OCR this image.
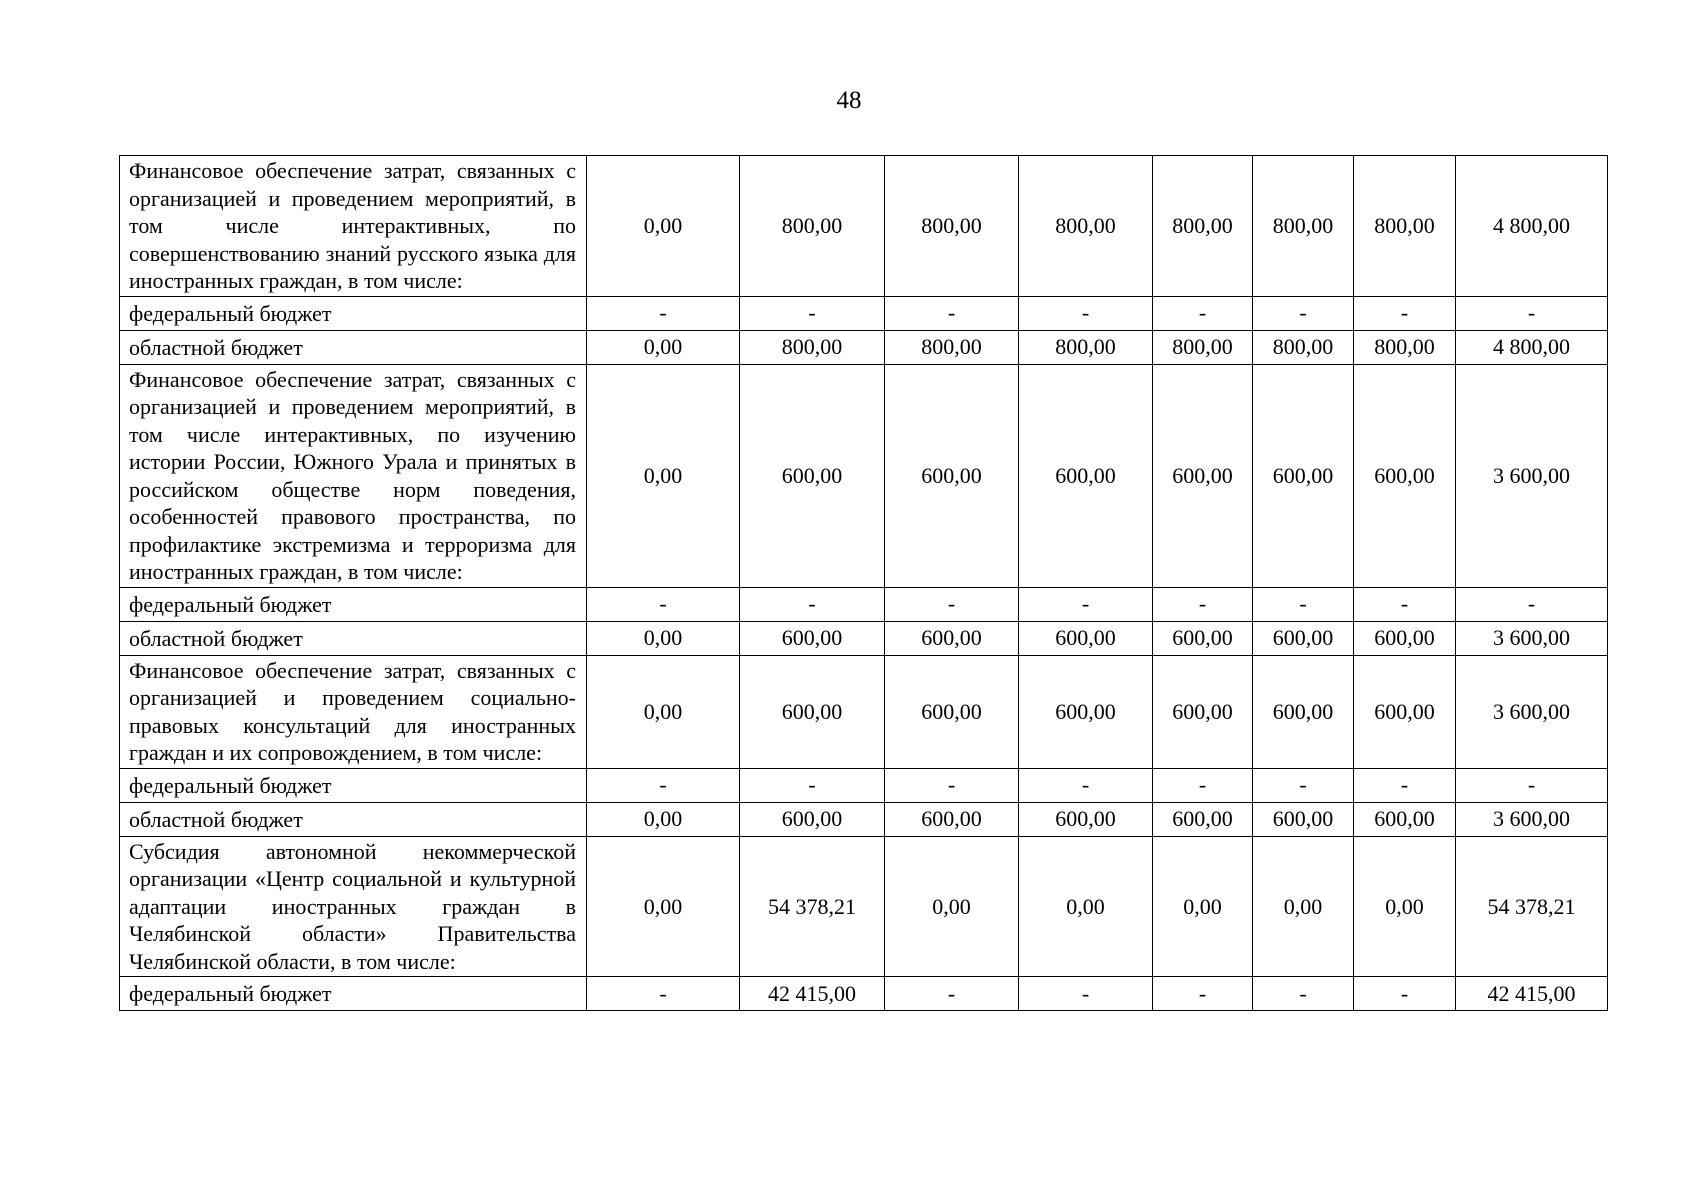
48
Финансовое обеспечение затрат, связанных с организацией и проведением мероприятий, в том числе интерактивных, по совершенствованию знаний русского языка для иностранных граждан, в том числе:	0,00	800,00	800,00	800,00	800,00	800,00	800,00	4 800,00
федеральный бюджет	-	-	-	-	-	-	-	-
областной бюджет	0,00	800,00	800,00	800,00	800,00	800,00	800,00	4 800,00
Финансовое обеспечение затрат, связанных с организацией и проведением мероприятий, в том числе интерактивных, по изучению истории России, Южного Урала и принятых в российском обществе норм поведения, особенностей правового пространства, по профилактике экстремизма и терроризма для иностранных граждан, в том числе:	0,00	600,00	600,00	600,00	600,00	600,00	600,00	3 600,00
федеральный бюджет	-	-	-	-	-	-	-	-
областной бюджет	0,00	600,00	600,00	600,00	600,00	600,00	600,00	3 600,00
Финансовое обеспечение затрат, связанных с организацией и проведением социально-правовых консультаций для иностранных граждан и их сопровождением, в том числе:	0,00	600,00	600,00	600,00	600,00	600,00	600,00	3 600,00
федеральный бюджет	-	-	-	-	-	-	-	-
областной бюджет	0,00	600,00	600,00	600,00	600,00	600,00	600,00	3 600,00
Субсидия автономной некоммерческой организации «Центр социальной и культурной адаптации иностранных граждан в Челябинской области» Правительства Челябинской области, в том числе:	0,00	54 378,21	0,00	0,00	0,00	0,00	0,00	54 378,21
федеральный бюджет	-	42 415,00	-	-	-	-	-	42 415,00
